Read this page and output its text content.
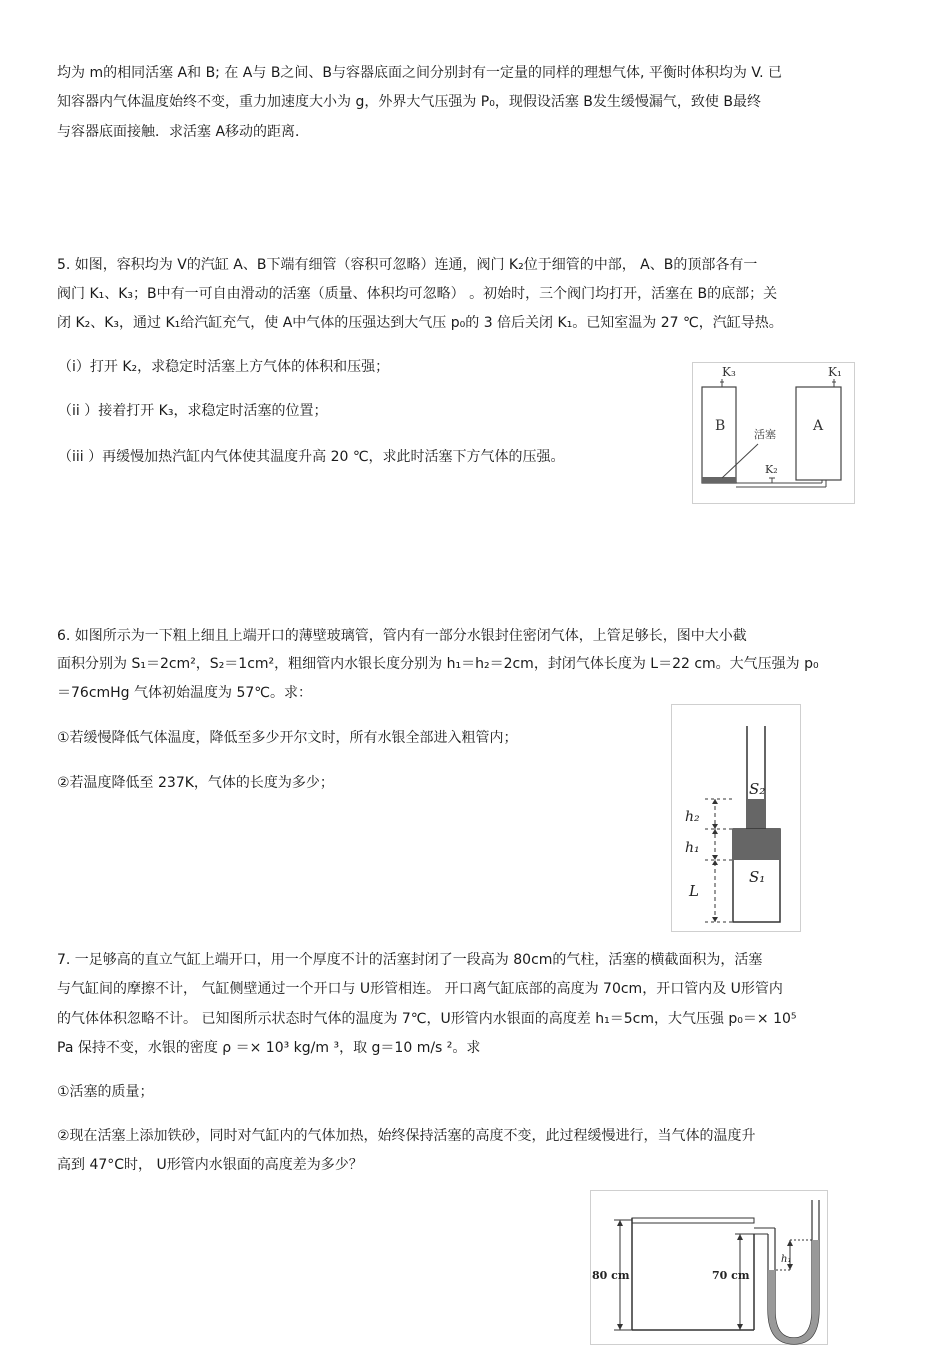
均为 m的相同活塞 A和 B; 在 A与 B之间、B与容器底面之间分别封有一定量的同样的理想气体, 平衡时体积均为 V. 已
知容器内气体温度始终不变，重力加速度大小为 g，外界大气压强为 P₀，现假设活塞 B发生缓慢漏气，致使 B最终
与容器底面接触．求活塞 A移动的距离．
5. 如图，容积均为 V的汽缸 A、B下端有细管（容积可忽略）连通，阀门 K₂位于细管的中部， A、B的顶部各有一
阀门 K₁、K₃；B中有一可自由滑动的活塞（质量、体积均可忽略） 。初始时，三个阀门均打开，活塞在 B的底部；关
闭 K₂、K₃，通过 K₁给汽缸充气，使 A中气体的压强达到大气压 p₀的 3 倍后关闭 K₁。已知室温为 27 ℃，汽缸导热。
（i）打开 K₂，求稳定时活塞上方气体的体积和压强；
（ii ）接着打开 K₃，求稳定时活塞的位置；
（iii ）再缓慢加热汽缸内气体使其温度升高 20 ℃，求此时活塞下方气体的压强。
K₃	K₁
B	A
活塞
K₂
6. 如图所示为一下粗上细且上端开口的薄壁玻璃管，管内有一部分水银封住密闭气体，上管足够长，图中大小截
面积分别为 S₁＝2cm²，S₂＝1cm²，粗细管内水银长度分别为 h₁＝h₂＝2cm，封闭气体长度为 L＝22 cm。大气压强为 p₀
＝76cmHg 气体初始温度为 57℃。求：
①若缓慢降低气体温度，降低至多少开尔文时，所有水银全部进入粗管内；
②若温度降低至 237K，气体的长度为多少；	S₂
S₁
h₂
h₁
L
7. 一足够高的直立气缸上端开口，用一个厚度不计的活塞封闭了一段高为 80cm的气柱，活塞的横截面积为，活塞
与气缸间的摩擦不计， 气缸侧壁通过一个开口与 U形管相连。 开口离气缸底部的高度为 70cm，开口管内及 U形管内
的气体体积忽略不计。 已知图所示状态时气体的温度为 7℃，U形管内水银面的高度差 h₁＝5cm，大气压强 p₀＝× 10⁵
Pa 保持不变，水银的密度 ρ ＝× 10³ kg/m ³，取 g＝10 m/s ²。求
①活塞的质量；
②现在活塞上添加铁砂，同时对气缸内的气体加热，始终保持活塞的高度不变，此过程缓慢进行，当气体的温度升
高到 47°C时， U形管内水银面的高度差为多少？
80 cm	70 cm
h₁
